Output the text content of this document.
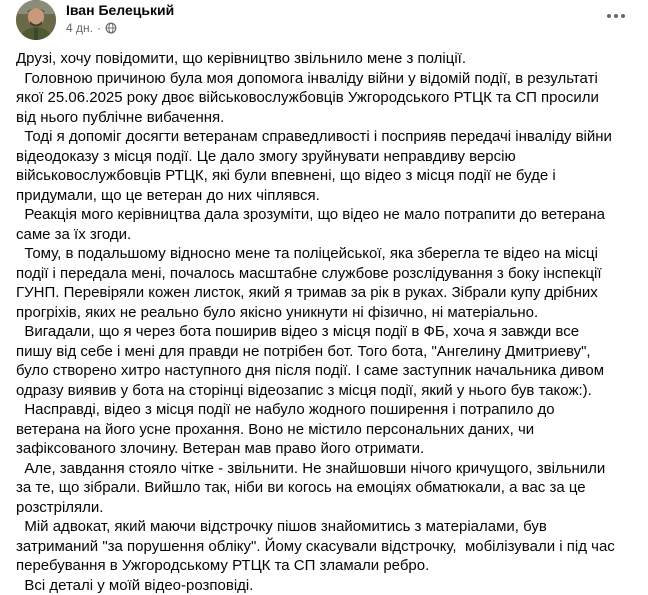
Іван Белецький
4 дн. ·

Друзі, хочу повідомити, що керівництво звільнило мене з поліції.

Головною причиною була моя допомога інваліду війни у відомій події, в результаті якої 25.06.2025 року двоє військовослужбовців Ужгородського РТЦК та СП просили від нього публічне вибачення.

Тоді я допоміг досягти ветеранам справедливості і посприяв передачі інваліду війни відеодоказу з місця події. Це дало змогу зруйнувати неправдиву версію військовослужбовців РТЦК, які були впевнені, що відео з місця події не буде і придумали, що це ветеран до них чіплявся.

Реакція мого керівництва дала зрозуміти, що відео не мало потрапити до ветерана саме за їх згоди.

Тому, в подальшому відносно мене та поліцейської, яка зберегла те відео на місці події і передала мені, почалось масштабне службове розслідування з боку інспекції  ГУНП. Перевіряли кожен листок, який я тримав за рік в руках. Зібрали купу дрібних прогріхів, яких не реально було якісно уникнути ні фізично, ні матеріально.

Вигадали, що я через бота поширив відео з місця події в ФБ, хоча я завжди все пишу від себе і мені для правди не потрібен бот. Того бота, "Ангелину Дмитриеву", було створено хитро наступного дня після події. І саме заступник начальника дивом одразу виявив у бота на сторінці відеозапис з місця події, який у нього був також:).

Насправді, відео з місця події не набуло жодного поширення і потрапило до ветерана на його усне прохання. Воно не містило персональних даних, чи зафіксованого злочину. Ветеран мав право його отримати.

Але, завдання стояло чітке - звільнити. Не знайшовши нічого кричущого, звільнили за те, що зібрали. Вийшло так, ніби ви когось на емоціях обматюкали, а вас за це розстріляли.

Мій адвокат, який маючи відстрочку пішов знайомитись з матеріалами, був затриманий "за порушення обліку". Йому скасували відстрочку,  мобілізували і під час перебування в Ужгородському РТЦК та СП зламали ребро.

Всі деталі у моїй відео-розповіді.
